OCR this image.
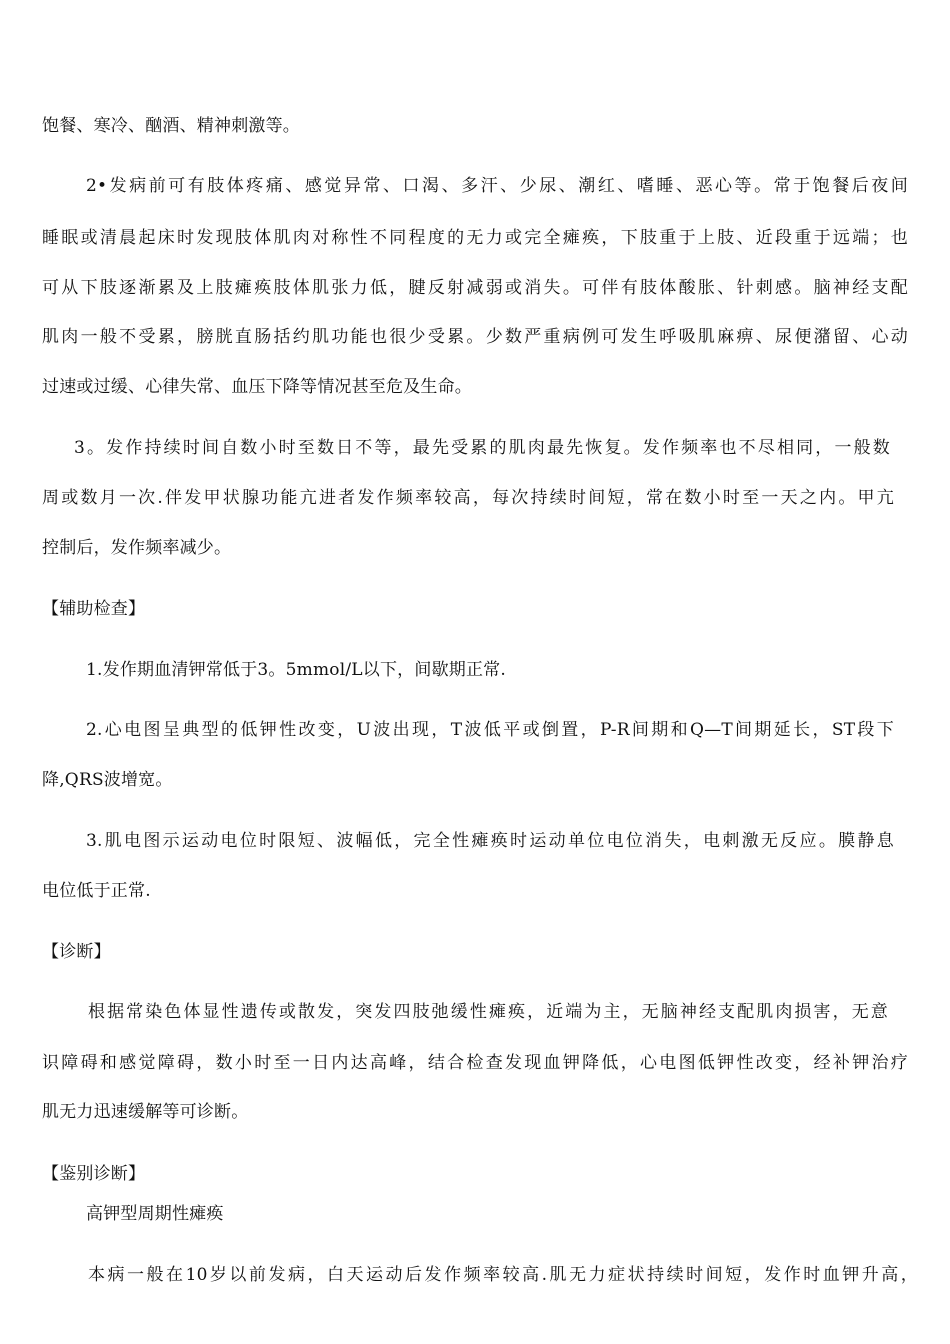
饱餐、寒冷、酗酒、精神刺激等。
2•发病前可有肢体疼痛、感觉异常、口渴、多汗、少尿、潮红、嗜睡、恶心等。常于饱餐后夜间
睡眠或清晨起床时发现肢体肌肉对称性不同程度的无力或完全瘫痪，下肢重于上肢、近段重于远端；也
可从下肢逐渐累及上肢瘫痪肢体肌张力低，腱反射减弱或消失。可伴有肢体酸胀、针刺感。脑神经支配
肌肉一般不受累，膀胱直肠括约肌功能也很少受累。少数严重病例可发生呼吸肌麻痹、尿便潴留、心动
过速或过缓、心律失常、血压下降等情况甚至危及生命。
3。发作持续时间自数小时至数日不等，最先受累的肌肉最先恢复。发作频率也不尽相同，一般数
周或数月一次.伴发甲状腺功能亢进者发作频率较高，每次持续时间短，常在数小时至一天之内。甲亢
控制后，发作频率减少。
【辅助检查】
1.发作期血清钾常低于3。5mmol/L以下，间歇期正常.
2.心电图呈典型的低钾性改变，U波出现，T波低平或倒置，P-R间期和Q—T间期延长，ST段下
降,QRS波增宽。
3.肌电图示运动电位时限短、波幅低，完全性瘫痪时运动单位电位消失，电刺激无反应。膜静息
电位低于正常.
【诊断】
根据常染色体显性遗传或散发，突发四肢弛缓性瘫痪，近端为主，无脑神经支配肌肉损害，无意
识障碍和感觉障碍，数小时至一日内达高峰，结合检查发现血钾降低，心电图低钾性改变，经补钾治疗
肌无力迅速缓解等可诊断。
【鉴别诊断】
高钾型周期性瘫痪
本病一般在10岁以前发病，白天运动后发作频率较高.肌无力症状持续时间短，发作时血钾升高，
